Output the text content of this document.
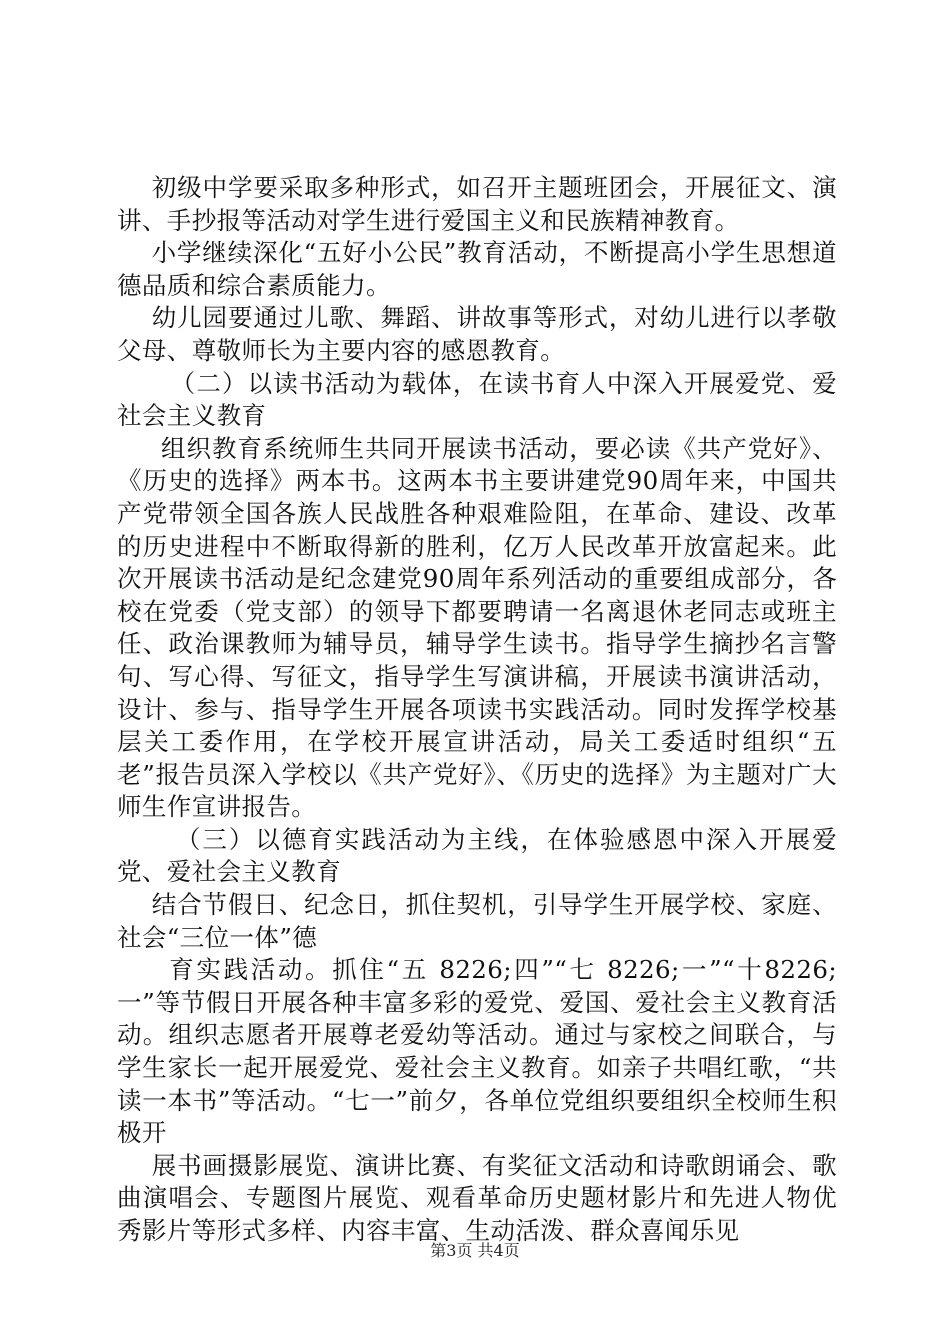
初级中学要采取多种形式，如召开主题班团会，开展征文、演讲、手抄报等活动对学生进行爱国主义和民族精神教育。

小学继续深化“五好小公民”教育活动，不断提高小学生思想道德品质和综合素质能力。

幼儿园要通过儿歌、舞蹈、讲故事等形式，对幼儿进行以孝敬父母、尊敬师长为主要内容的感恩教育。

（二）以读书活动为载体，在读书育人中深入开展爱党、爱社会主义教育

组织教育系统师生共同开展读书活动，要必读《共产党好》、《历史的选择》两本书。这两本书主要讲建党90周年来，中国共产党带领全国各族人民战胜各种艰难险阻，在革命、建设、改革的历史进程中不断取得新的胜利，亿万人民改革开放富起来。此次开展读书活动是纪念建党90周年系列活动的重要组成部分，各校在党委（党支部）的领导下都要聘请一名离退休老同志或班主任、政治课教师为辅导员，辅导学生读书。指导学生摘抄名言警句、写心得、写征文，指导学生写演讲稿，开展读书演讲活动，设计、参与、指导学生开展各项读书实践活动。同时发挥学校基层关工委作用，在学校开展宣讲活动，局关工委适时组织“五老”报告员深入学校以《共产党好》、《历史的选择》为主题对广大师生作宣讲报告。

（三）以德育实践活动为主线，在体验感恩中深入开展爱党、爱社会主义教育

结合节假日、纪念日，抓住契机，引导学生开展学校、家庭、社会“三位一体”德

育实践活动。抓住“五 8226;四”“七 8226;一”“十8226;一”等节假日开展各种丰富多彩的爱党、爱国、爱社会主义教育活动。组织志愿者开展尊老爱幼等活动。通过与家校之间联合，与学生家长一起开展爱党、爱社会主义教育。如亲子共唱红歌，“共读一本书”等活动。“七一”前夕，各单位党组织要组织全校师生积极开

展书画摄影展览、演讲比赛、有奖征文活动和诗歌朗诵会、歌曲演唱会、专题图片展览、观看革命历史题材影片和先进人物优秀影片等形式多样、内容丰富、生动活泼、群众喜闻乐见

第3页 共4页
